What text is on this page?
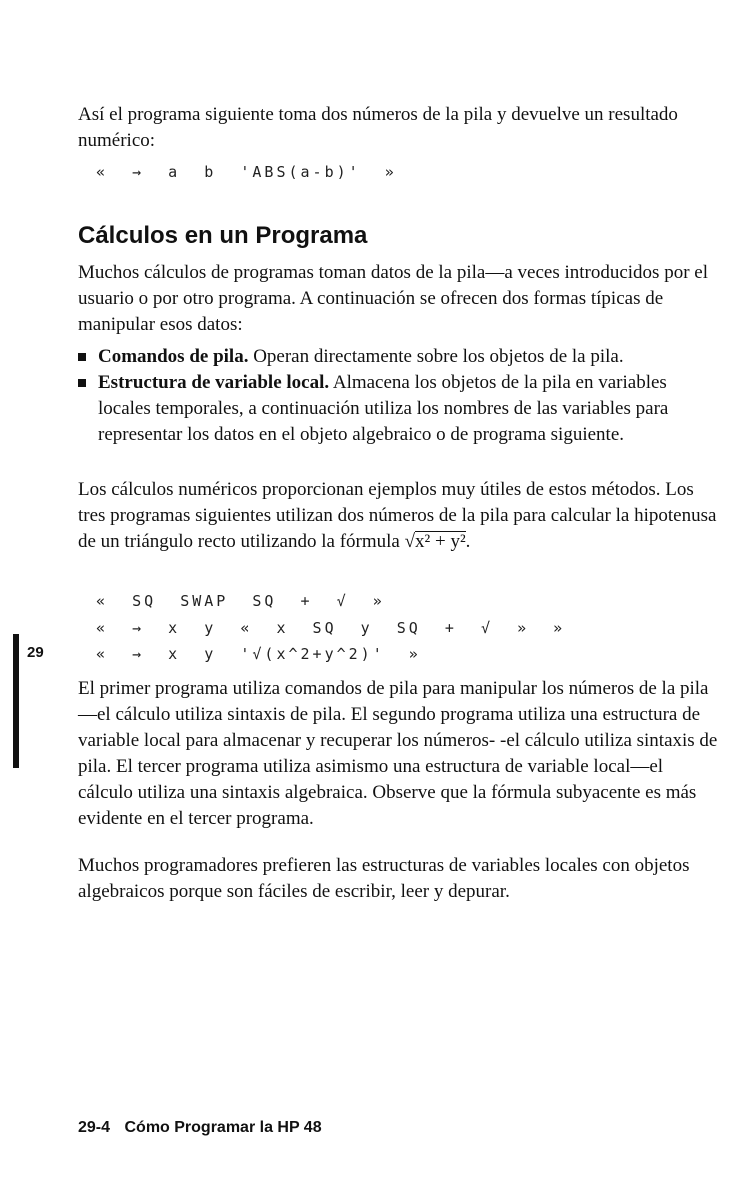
Así el programa siguiente toma dos números de la pila y devuelve un resultado numérico:

«  →  a  b  'ABS(a-b)'  »
Cálculos en un Programa

Muchos cálculos de programas toman datos de la pila—a veces introducidos por el usuario o por otro programa. A continuación se ofrecen dos formas típicas de manipular esos datos:

Comandos de pila. Operan directamente sobre los objetos de la pila.
Estructura de variable local. Almacena los objetos de la pila en variables locales temporales, a continuación utiliza los nombres de las variables para representar los datos en el objeto algebraico o de programa siguiente.

Los cálculos numéricos proporcionan ejemplos muy útiles de estos métodos. Los tres programas siguientes utilizan dos números de la pila para calcular la hipotenusa de un triángulo recto utilizando la fórmula √
x² + y².

«  SQ  SWAP  SQ  +  √  »
«  →  x  y  «  x  SQ  y  SQ  +  √  »  »
«  →  x  y  '√(x^2+y^2)'  »
29

El primer programa utiliza comandos de pila para manipular los números de la pila—el cálculo utiliza sintaxis de pila. El segundo programa utiliza una estructura de variable local para almacenar y recuperar los números- -el cálculo utiliza sintaxis de pila. El tercer programa utiliza asimismo una estructura de variable local—el cálculo utiliza una sintaxis algebraica. Observe que la fórmula subyacente es más evidente en el tercer programa.

Muchos programadores prefieren las estructuras de variables locales con objetos algebraicos porque son fáciles de escribir, leer y depurar.

29-4 Cómo Programar la HP 48
